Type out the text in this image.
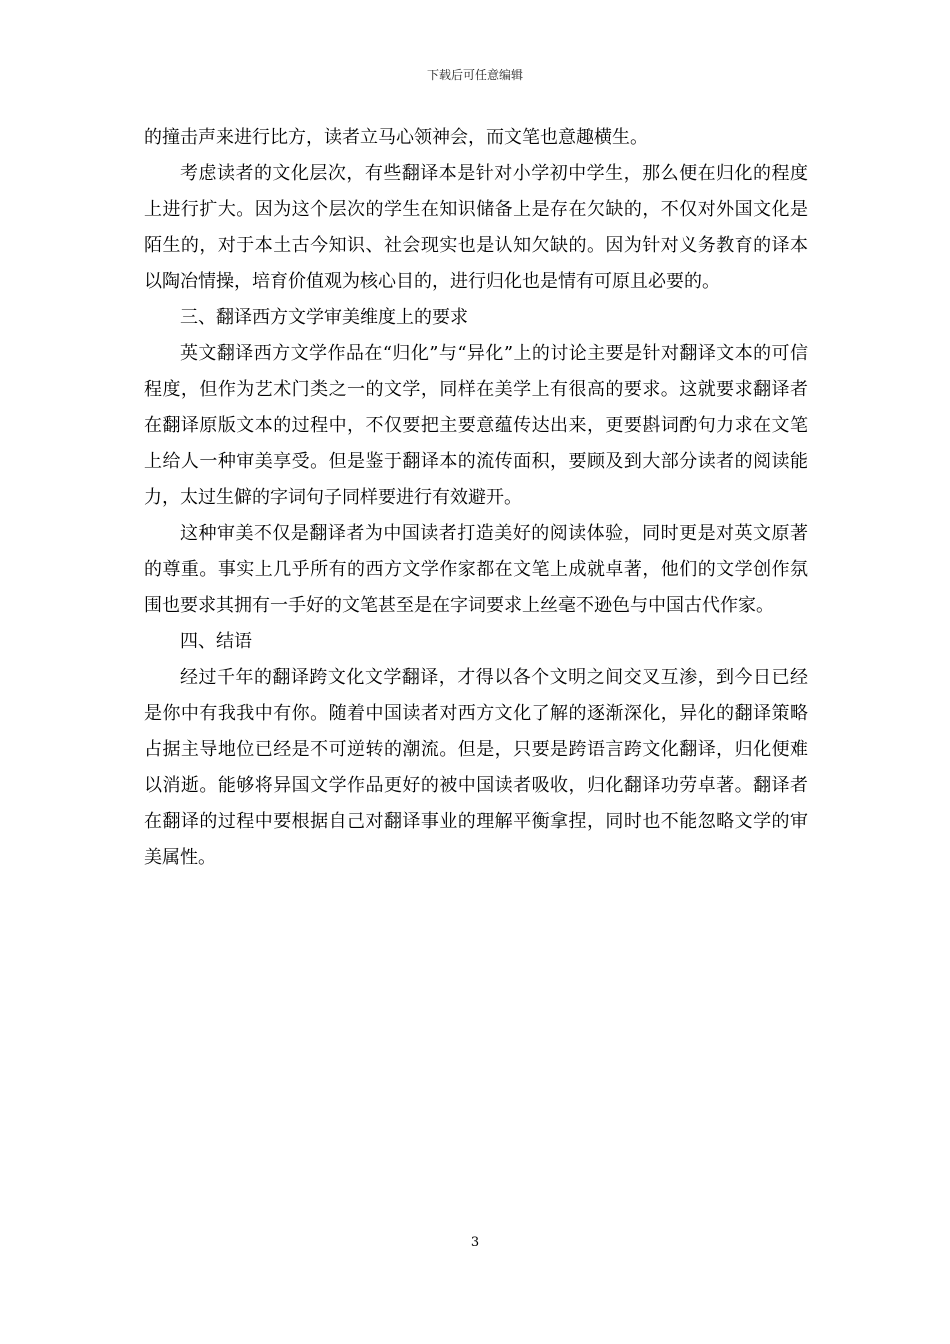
下载后可任意编辑

的撞击声来进行比方，读者立马心领神会，而文笔也意趣横生。

考虑读者的文化层次，有些翻译本是针对小学初中学生，那么便在归化的程度上进行扩大。因为这个层次的学生在知识储备上是存在欠缺的，不仅对外国文化是陌生的，对于本土古今知识、社会现实也是认知欠缺的。因为针对义务教育的译本以陶冶情操，培育价值观为核心目的，进行归化也是情有可原且必要的。

三、翻译西方文学审美维度上的要求

英文翻译西方文学作品在“归化”与“异化”上的讨论主要是针对翻译文本的可信程度，但作为艺术门类之一的文学，同样在美学上有很高的要求。这就要求翻译者在翻译原版文本的过程中，不仅要把主要意蕴传达出来，更要斟词酌句力求在文笔上给人一种审美享受。但是鉴于翻译本的流传面积，要顾及到大部分读者的阅读能力，太过生僻的字词句子同样要进行有效避开。

这种审美不仅是翻译者为中国读者打造美好的阅读体验，同时更是对英文原著的尊重。事实上几乎所有的西方文学作家都在文笔上成就卓著，他们的文学创作氛围也要求其拥有一手好的文笔甚至是在字词要求上丝毫不逊色与中国古代作家。

四、结语

经过千年的翻译跨文化文学翻译，才得以各个文明之间交叉互渗，到今日已经是你中有我我中有你。随着中国读者对西方文化了解的逐渐深化，异化的翻译策略占据主导地位已经是不可逆转的潮流。但是，只要是跨语言跨文化翻译，归化便难以消逝。能够将异国文学作品更好的被中国读者吸收，归化翻译功劳卓著。翻译者在翻译的过程中要根据自己对翻译事业的理解平衡拿捏，同时也不能忽略文学的审美属性。

3
